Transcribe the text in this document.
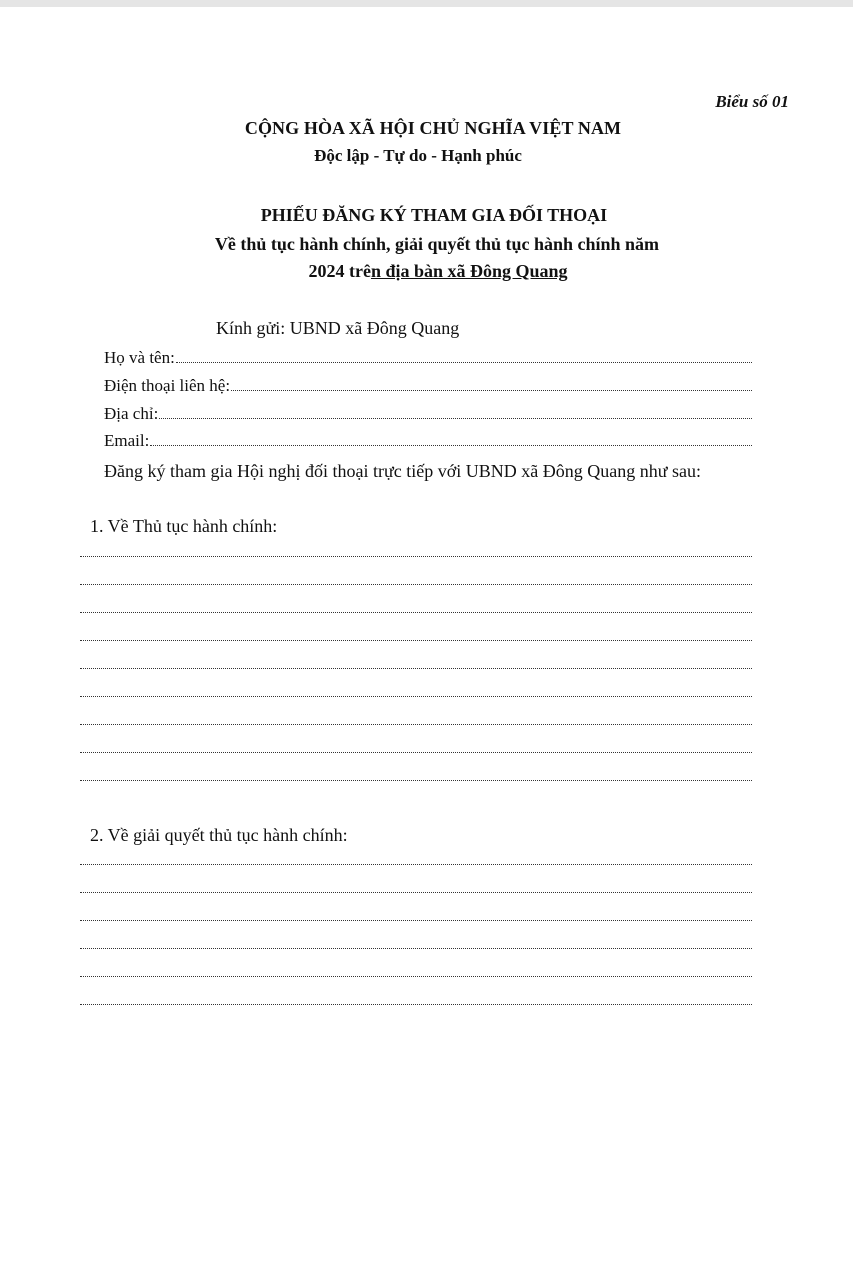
Biểu số 01
CỘNG HÒA XÃ HỘI CHỦ NGHĨA VIỆT NAM
Độc lập - Tự do - Hạnh phúc
PHIẾU ĐĂNG KÝ THAM GIA ĐỐI THOẠI
Về thủ tục hành chính, giải quyết thủ tục hành chính năm
2024 trên địa bàn xã Đông Quang
Kính gửi: UBND xã Đông Quang
Họ và tên:
Điện thoại liên hệ:
Địa chỉ:
Email:
Đăng ký tham gia Hội nghị đối thoại trực tiếp với UBND xã Đông Quang như sau:
1. Về Thủ tục hành chính:
2. Về giải quyết thủ tục hành chính:
